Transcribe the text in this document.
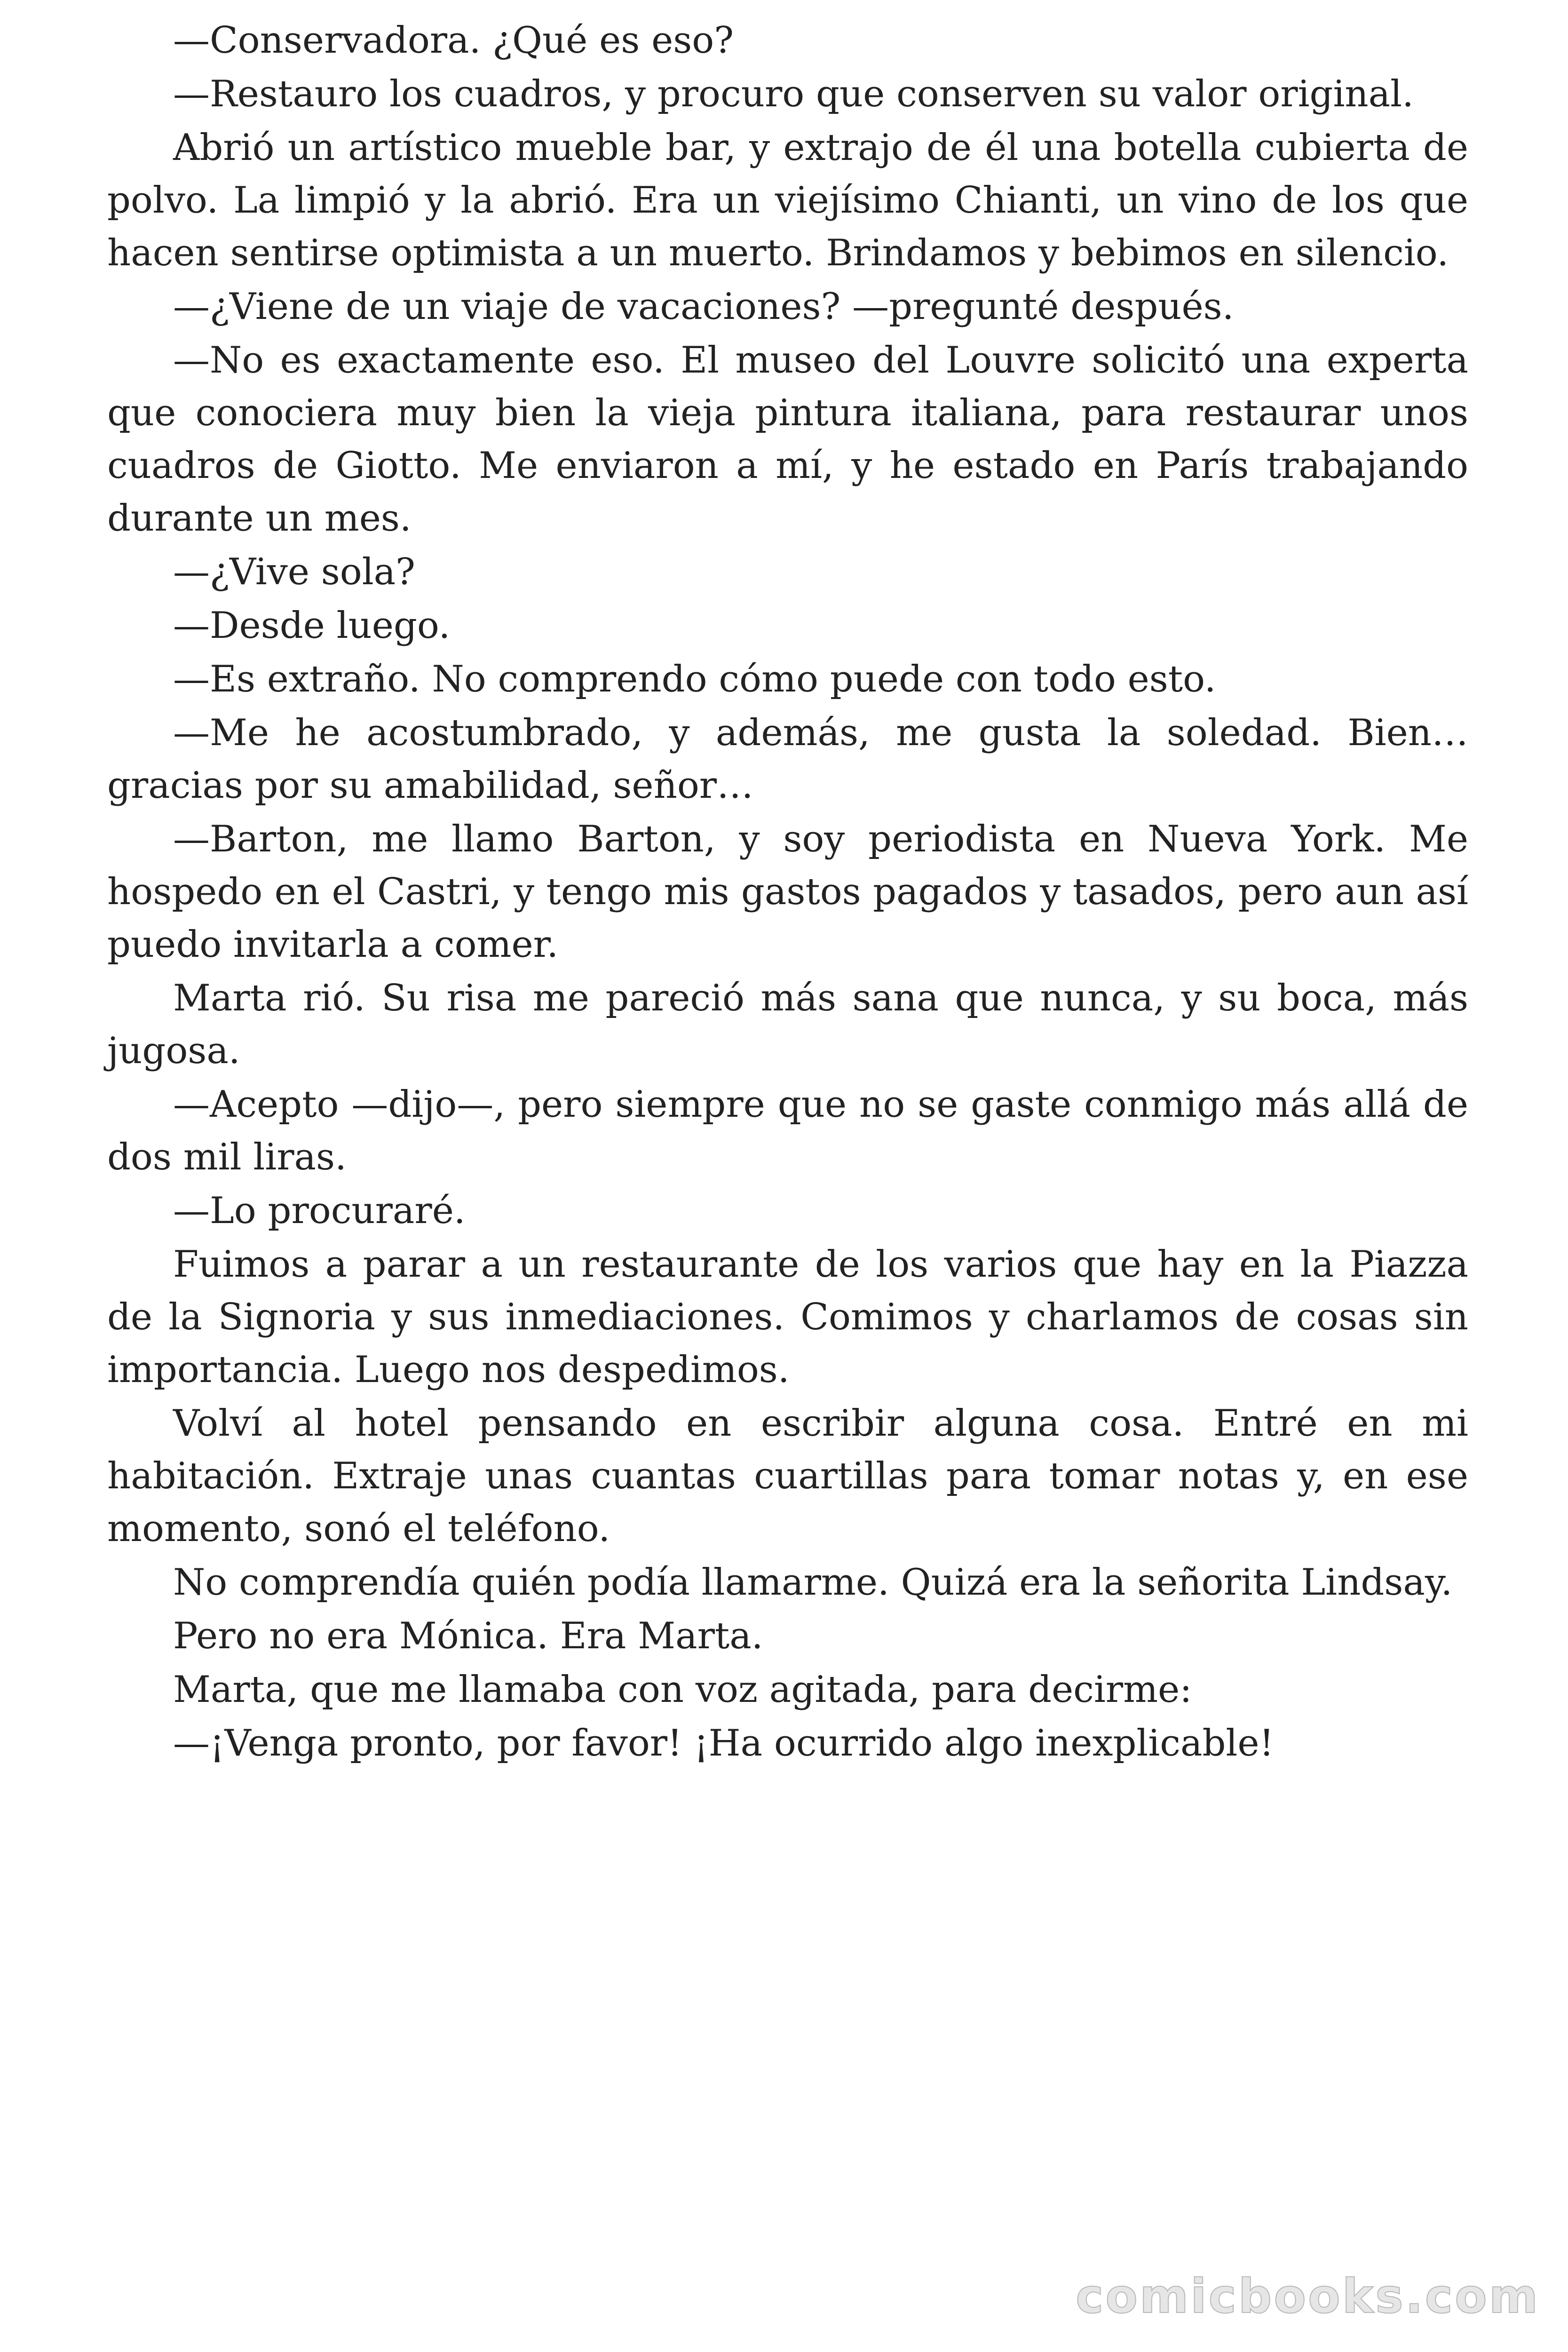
—Conservadora. ¿Qué es eso?

—Restauro los cuadros, y procuro que conserven su valor original.

Abrió un artístico mueble bar, y extrajo de él una botella cubierta de polvo. La limpió y la abrió. Era un viejísimo Chianti, un vino de los que hacen sentirse optimista a un muerto. Brindamos y bebimos en silencio.

—¿Viene de un viaje de vacaciones? —pregunté después.

—No es exactamente eso. El museo del Louvre solicitó una experta que conociera muy bien la vieja pintura italiana, para restaurar unos cuadros de Giotto. Me enviaron a mí, y he estado en París trabajando durante un mes.

—¿Vive sola?

—Desde luego.

—Es extraño. No comprendo cómo puede con todo esto.

—Me he acostumbrado, y además, me gusta la soledad. Bien… gracias por su amabilidad, señor…

—Barton, me llamo Barton, y soy periodista en Nueva York. Me hospedo en el Castri, y tengo mis gastos pagados y tasados, pero aun así puedo invitarla a comer.

Marta rió. Su risa me pareció más sana que nunca, y su boca, más jugosa.

—Acepto —dijo—, pero siempre que no se gaste conmigo más allá de dos mil liras.

—Lo procuraré.

Fuimos a parar a un restaurante de los varios que hay en la Piazza de la Signoria y sus inmediaciones. Comimos y charlamos de cosas sin importancia. Luego nos despedimos.

Volví al hotel pensando en escribir alguna cosa. Entré en mi habitación. Extraje unas cuantas cuartillas para tomar notas y, en ese momento, sonó el teléfono.

No comprendía quién podía llamarme. Quizá era la señorita Lindsay.

Pero no era Mónica. Era Marta.

Marta, que me llamaba con voz agitada, para decirme:

—¡Venga pronto, por favor! ¡Ha ocurrido algo inexplicable!

comicbooks.com
